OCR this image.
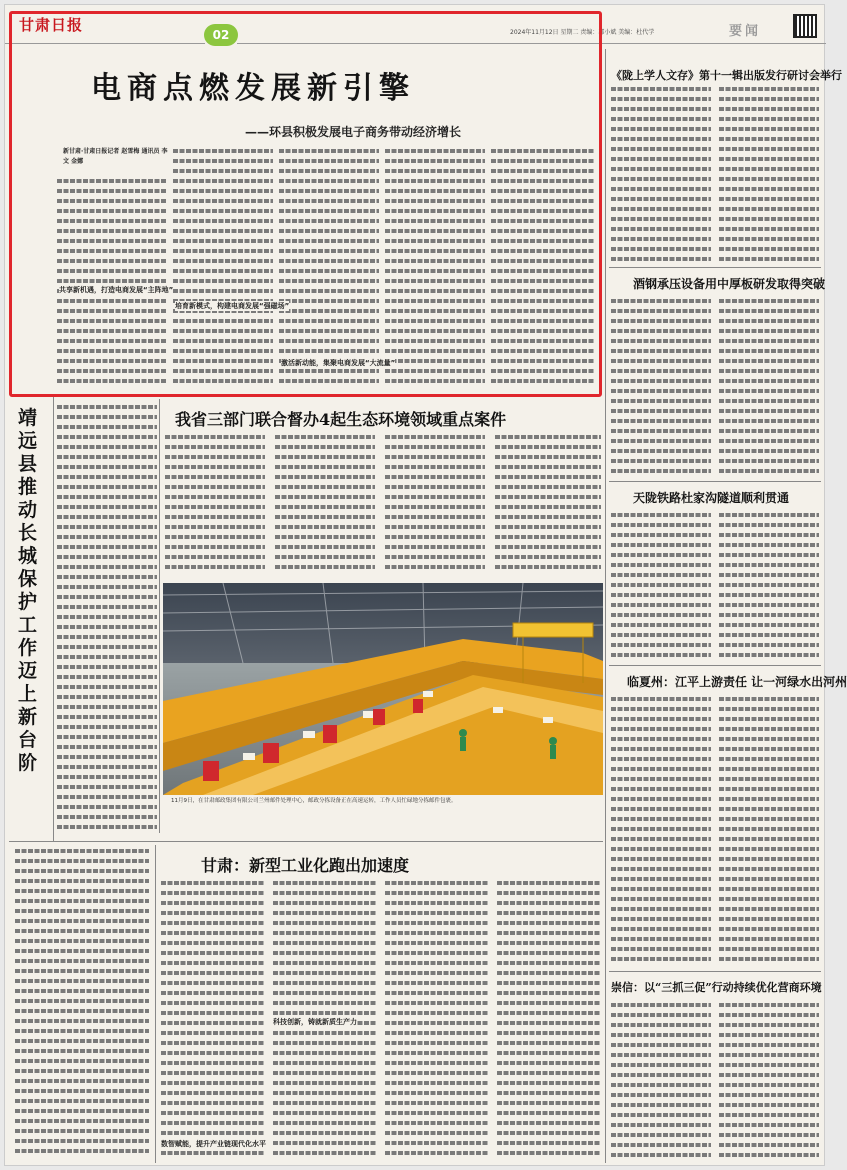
甘肃日报	2024年11月12日 星期二 责编：郭小斌 美编：杜代学	要闻
02
电商点燃发展新引擎
——环县积极发展电子商务带动经济增长
新甘肃·甘肃日报记者 赵雪梅 通讯员 李文 金娜
共享新机遇，打造电商发展“主阵地”
培育新模式，构建电商发展“强磁场”
激活新动能，集聚电商发展“大流量”
靖远县推动长城保护工作迈上新台阶
我省三部门联合督办4起生态环境领域重点案件
11月9日，在甘肃邮政集团有限公司兰州邮件处理中心，邮政分拣设备正在高速运转，工作人员忙碌地分拣邮件包裹。
甘肃：新型工业化跑出加速度
科技创新，铸就新质生产力
数智赋能，提升产业链现代化水平
《陇上学人文存》第十一辑出版发行研讨会举行
酒钢承压设备用中厚板研发取得突破
天陇铁路杜家沟隧道顺利贯通
临夏州：江平上游责任 让一河绿水出河州
崇信：以“三抓三促”行动持续优化营商环境
